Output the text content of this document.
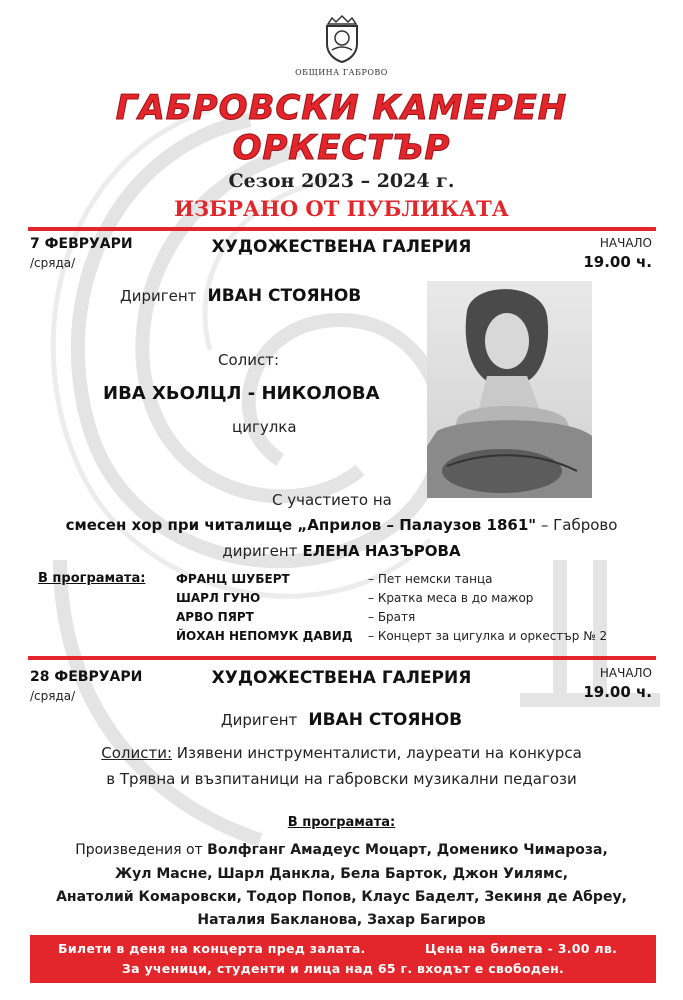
ОБЩИНА ГАБРОВО
ГАБРОВСКИ КАМЕРЕН
ОРКЕСТЪР
Сезон 2023 – 2024 г.
ИЗБРАНО ОТ ПУБЛИКАТА
7 ФЕВРУАРИ
/сряда/
ХУДОЖЕСТВЕНА ГАЛЕРИЯ	НАЧАЛО
19.00 ч.
Диригент ИВАН СТОЯНОВ
Солист:
ИВА ХЬОЛЦЛ - НИКОЛОВА
цигулка
С участието на
смесен хор при читалище „Априлов – Палаузов 1861" – Габрово
диригент ЕЛЕНА НАЗЪРОВА
В програмата:	ФРАНЦ ШУБЕРТ	– Пет немски танца
ШАРЛ ГУНО	– Кратка меса в до мажор
АРВО ПЯРТ	– Братя
ЙОХАН НЕПОМУК ДАВИД – Концерт за цигулка и оркестър № 2
28 ФЕВРУАРИ
/сряда/
ХУДОЖЕСТВЕНА ГАЛЕРИЯ	НАЧАЛО
19.00 ч.
Диригент ИВАН СТОЯНОВ
Солисти: Изявени инструменталисти, лауреати на конкурса
в Трявна и възпитаници на габровски музикални педагози
В програмата:
Произведения от Волфганг Амадеус Моцарт, Доменико Чимароза,
Жул Масне, Шарл Данкла, Бела Барток, Джон Уилямс,
Анатолий Комаровски, Тодор Попов, Клаус Баделт, Зекиня де Абреу,
Наталия Бакланова, Захар Багиров
Билети в деня на концерта пред залата.	Цена на билета - 3.00 лв.
За ученици, студенти и лица над 65 г. входът е свободен.
